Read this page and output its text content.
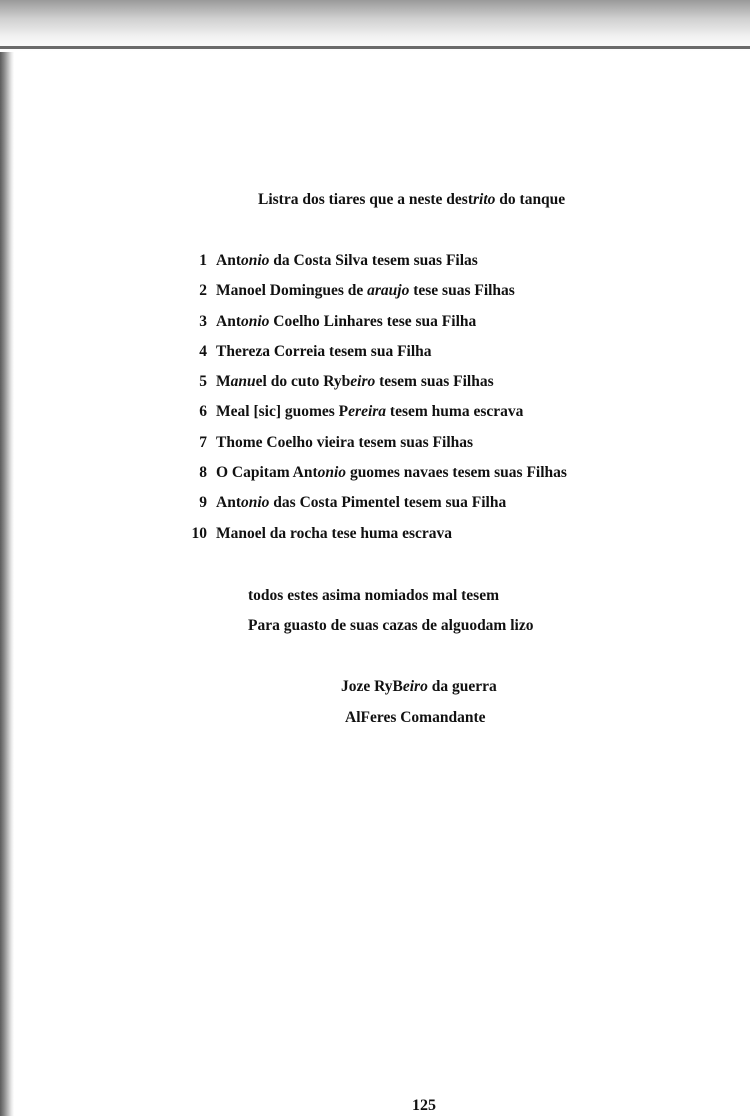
Listra dos tiares que a neste destrito do tanque
1 Antonio da Costa Silva tesem suas Filas
2 Manoel Domingues de araujo tese suas Filhas
3 Antonio Coelho Linhares tese sua Filha
4 Thereza Correia tesem sua Filha
5 Manuel do cuto Rybeiro tesem suas Filhas
6 Meal [sic] guomes Pereira tesem huma escrava
7 Thome Coelho vieira tesem suas Filhas
8 O Capitam Antonio guomes navaes tesem suas Filhas
9 Antonio das Costa Pimentel tesem sua Filha
10 Manoel da rocha tese huma escrava
todos estes asima nomiados mal tesem
Para guasto de suas cazas de alguodam lizo
Joze RyBeiro da guerra
AlFeres Comandante
125
